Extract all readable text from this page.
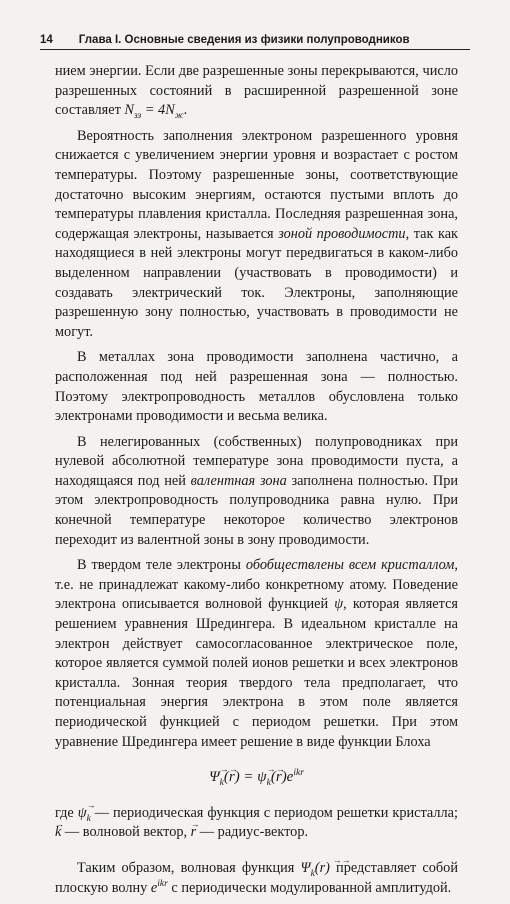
14 Глава I. Основные сведения из физики полупроводников

нием энергии. Если две разрешенные зоны перекрываются, число разрешенных состояний в расширенной разрешенной зоне составляет $N_{зз} = 4N_ж$.

Вероятность заполнения электроном разрешенного уровня снижается с увеличением энергии уровня и возрастает с ростом температуры. Поэтому разрешенные зоны, соответствующие достаточно высоким энергиям, остаются пустыми вплоть до температуры плавления кристалла. Последняя разрешенная зона, содержащая электроны, называется зоной проводимости, так как находящиеся в ней электроны могут передвигаться в каком-либо выделенном направлении (участвовать в проводимости) и создавать электрический ток. Электроны, заполняющие разрешенную зону полностью, участвовать в проводимости не могут.

В металлах зона проводимости заполнена частично, а расположенная под ней разрешенная зона — полностью. Поэтому электропроводность металлов обусловлена только электронами проводимости и весьма велика.

В нелегированных (собственных) полупроводниках при нулевой абсолютной температуре зона проводимости пуста, а находящаяся под ней валентная зона заполнена полностью. При этом электропроводность полупроводника равна нулю. При конечной температуре некоторое количество электронов переходит из валентной зоны в зону проводимости.

В твердом теле электроны обобществлены всем кристаллом, т.е. не принадлежат какому-либо конкретному атому. Поведение электрона описывается волновой функцией ψ, которая является решением уравнения Шредингера. В идеальном кристалле на электрон действует самосогласованное электрическое поле, которое является суммой полей ионов решетки и всех электронов кристалла. Зонная теория твердого тела предполагает, что потенциальная энергия электрона в этом поле является периодической функцией с периодом решетки. При этом уравнение Шредингера имеет решение в виде функции Блоха

$\Psi\to _k(\to r) = \psi\to _k(\to r)e^{ikr}$

где ψ→ $_k$ — периодическая функция с периодом решетки кристалла; → k — волновой вектор, → r — радиус-вектор.

Таким образом, волновая функция Ψ→ $_k$(→ r) представляет собой плоскую волну $e^{ikr}$ с периодически модулированной амплитудой.
